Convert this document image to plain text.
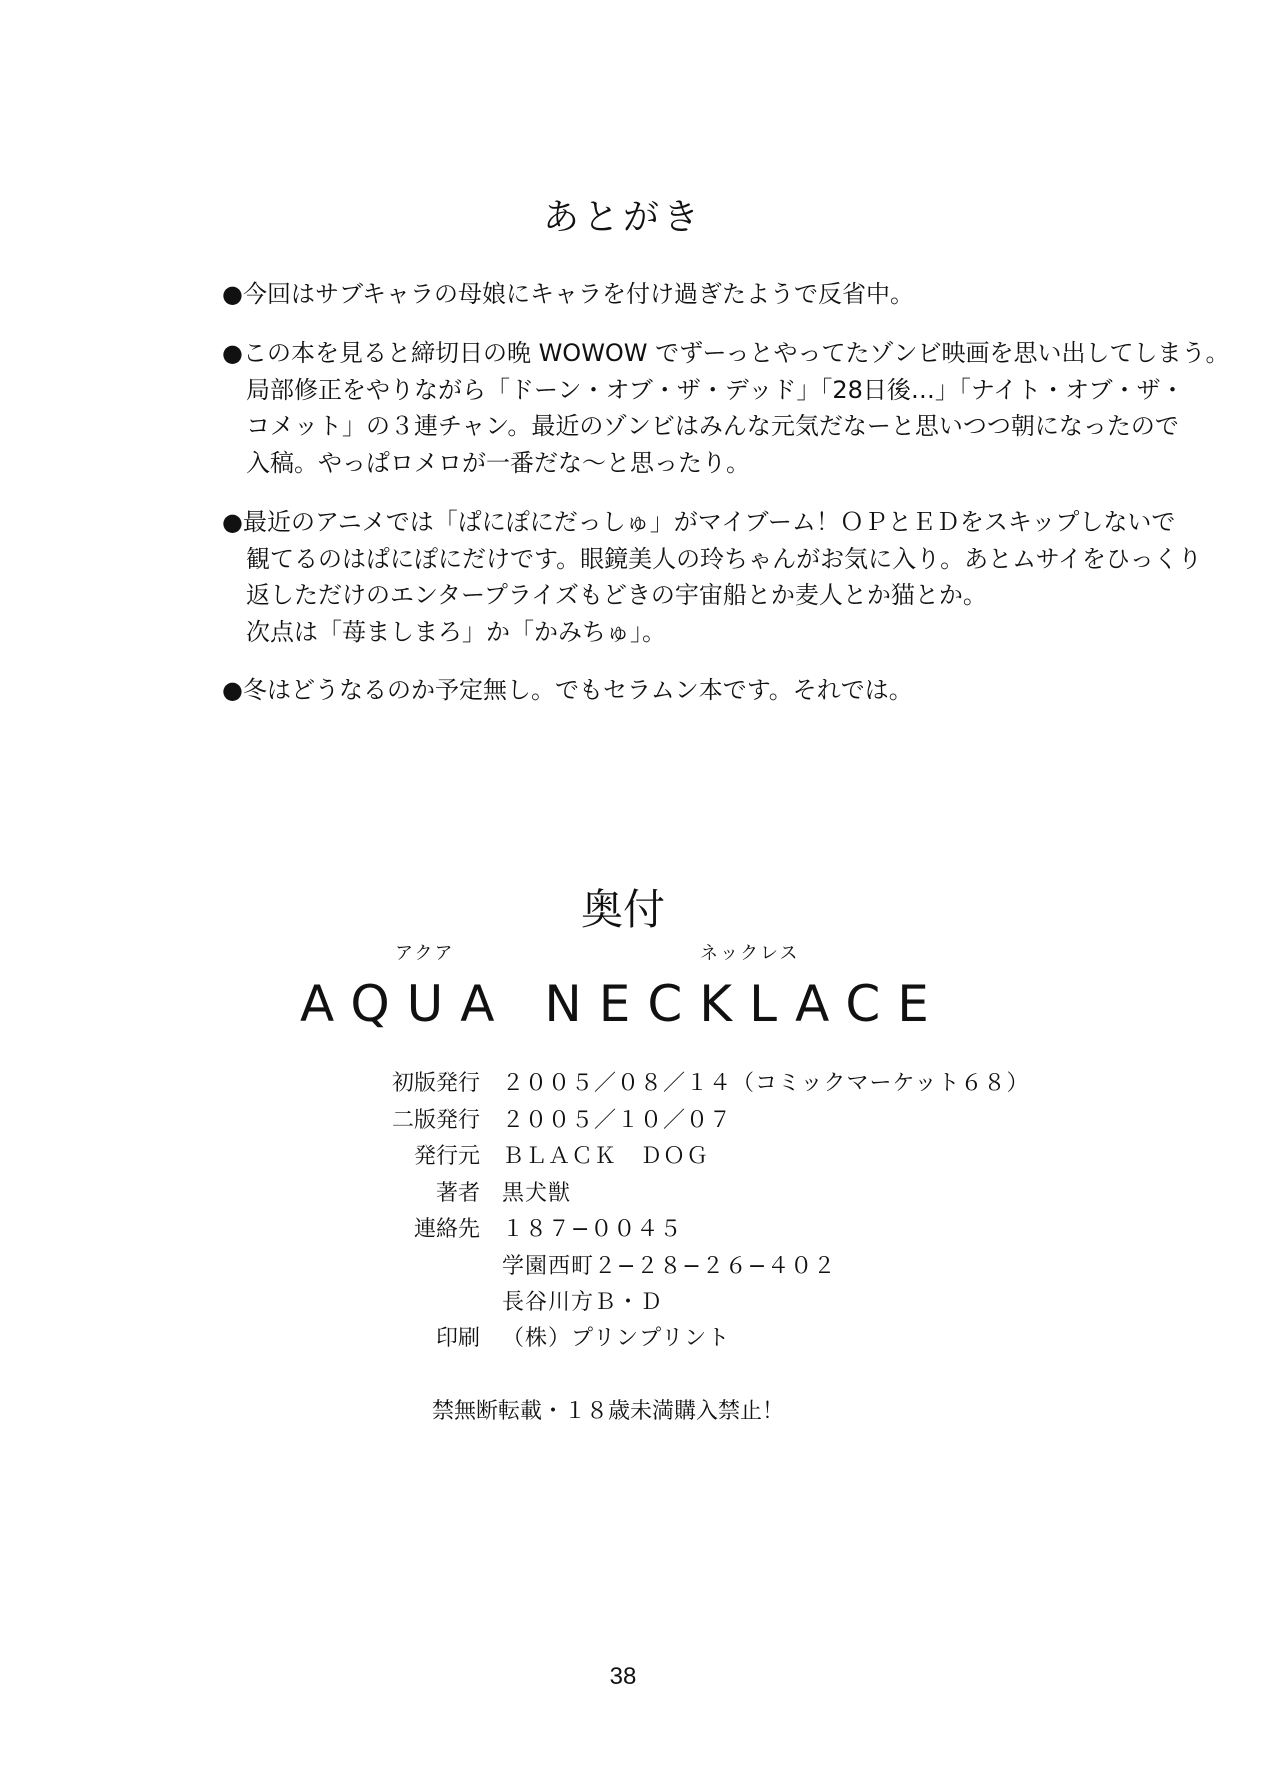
あとがき
●今回はサブキャラの母娘にキャラを付け過ぎたようで反省中。
●この本を見ると締切日の晩 WOWOW でずーっとやってたゾンビ映画を思い出してしまう。
局部修正をやりながら「ドーン・オブ・ザ・デッド」「28日後…」「ナイト・オブ・ザ・
コメット」の３連チャン。最近のゾンビはみんな元気だなーと思いつつ朝になったので
入稿。やっぱロメロが一番だな～と思ったり。
●最近のアニメでは「ぱにぽにだっしゅ」がマイブーム！ＯＰとＥＤをスキップしないで
観てるのはぱにぽにだけです。眼鏡美人の玲ちゃんがお気に入り。あとムサイをひっくり
返しただけのエンタープライズもどきの宇宙船とか麦人とか猫とか。
次点は「苺ましまろ」か「かみちゅ」。
●冬はどうなるのか予定無し。でもセラムン本です。それでは。
奥付
アクア	ネックレス
AQUA NECKLACE
初版発行 ２００５／０８／１４（コミックマーケット６８）
二版発行 ２００５／１０／０７
発行元 ＢＬＡＣＫ　ＤＯＧ
著者 黒犬獣
連絡先 １８７−００４５
学園西町２−２８−２６−４０２
長谷川方Ｂ・Ｄ
印刷 （株）プリンプリント
禁無断転載・１８歳未満購入禁止！
38
